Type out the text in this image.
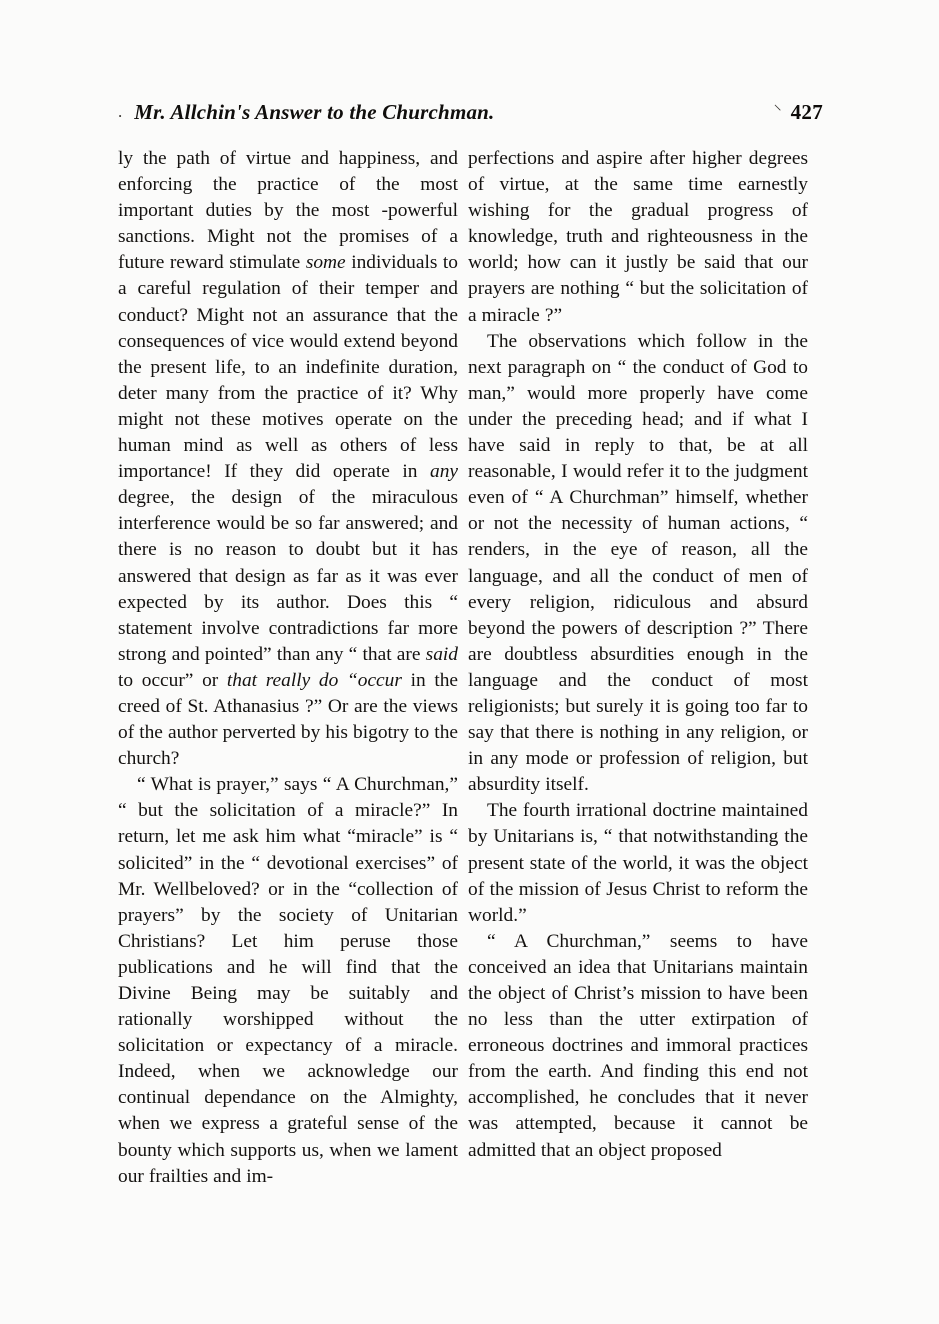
. Mr. Allchin's Answer to the Churchman.	⸌ 427

ly the path of virtue and happiness, and enforcing the practice of the most important duties by the most -powerful sanctions. Might not the promises of a future reward stimulate some individuals to a careful regulation of their temper and conduct? Might not an assurance that the consequences of vice would extend beyond the present life, to an indefinite duration, deter many from the practice of it? Why might not these motives operate on the human mind as well as others of less importance! If they did operate in any degree, the design of the miraculous interference would be so far answered; and there is no reason to doubt but it has answered that design as far as it was ever expected by its author. Does this “ statement involve contradictions far more strong and pointed” than any “ that are said to occur” or that really do “occur in the creed of St. Athanasius ?” Or are the views of the author perverted by his bigotry to the church?

“ What is prayer,” says “ A Churchman,” “ but the solicitation of a miracle?” In return, let me ask him what “miracle” is “ solicited” in the “ devotional exercises” of Mr. Wellbeloved? or in the “collection of prayers” by the society of Unitarian Christians? Let him peruse those publications and he will find that the Divine Being may be suitably and rationally worshipped without the solicitation or expectancy of a miracle. Indeed, when we acknowledge our continual dependance on the Almighty, when we express a grateful sense of the bounty which supports us, when we lament our frailties and im-

perfections and aspire after higher degrees of virtue, at the same time earnestly wishing for the gradual progress of knowledge, truth and righteousness in the world; how can it justly be said that our prayers are nothing “ but the solicitation of a miracle ?”

The observations which follow in the next paragraph on “ the conduct of God to man,” would more properly have come under the preceding head; and if what I have said in reply to that, be at all reasonable, I would refer it to the judgment even of “ A Churchman” himself, whether or not the necessity of human actions, “ renders, in the eye of reason, all the language, and all the conduct of men of every religion, ridiculous and absurd beyond the powers of description ?” There are doubtless absurdities enough in the language and the conduct of most religionists; but surely it is going too far to say that there is nothing in any religion, or in any mode or profession of religion, but absurdity itself.

The fourth irrational doctrine maintained by Unitarians is, “ that notwithstanding the present state of the world, it was the object of the mission of Jesus Christ to reform the world.”

“ A Churchman,” seems to have conceived an idea that Unitarians maintain the object of Christ’s mission to have been no less than the utter extirpation of erroneous doctrines and immoral practices from the earth. And finding this end not accomplished, he concludes that it never was attempted, because it cannot be admitted that an object proposed
